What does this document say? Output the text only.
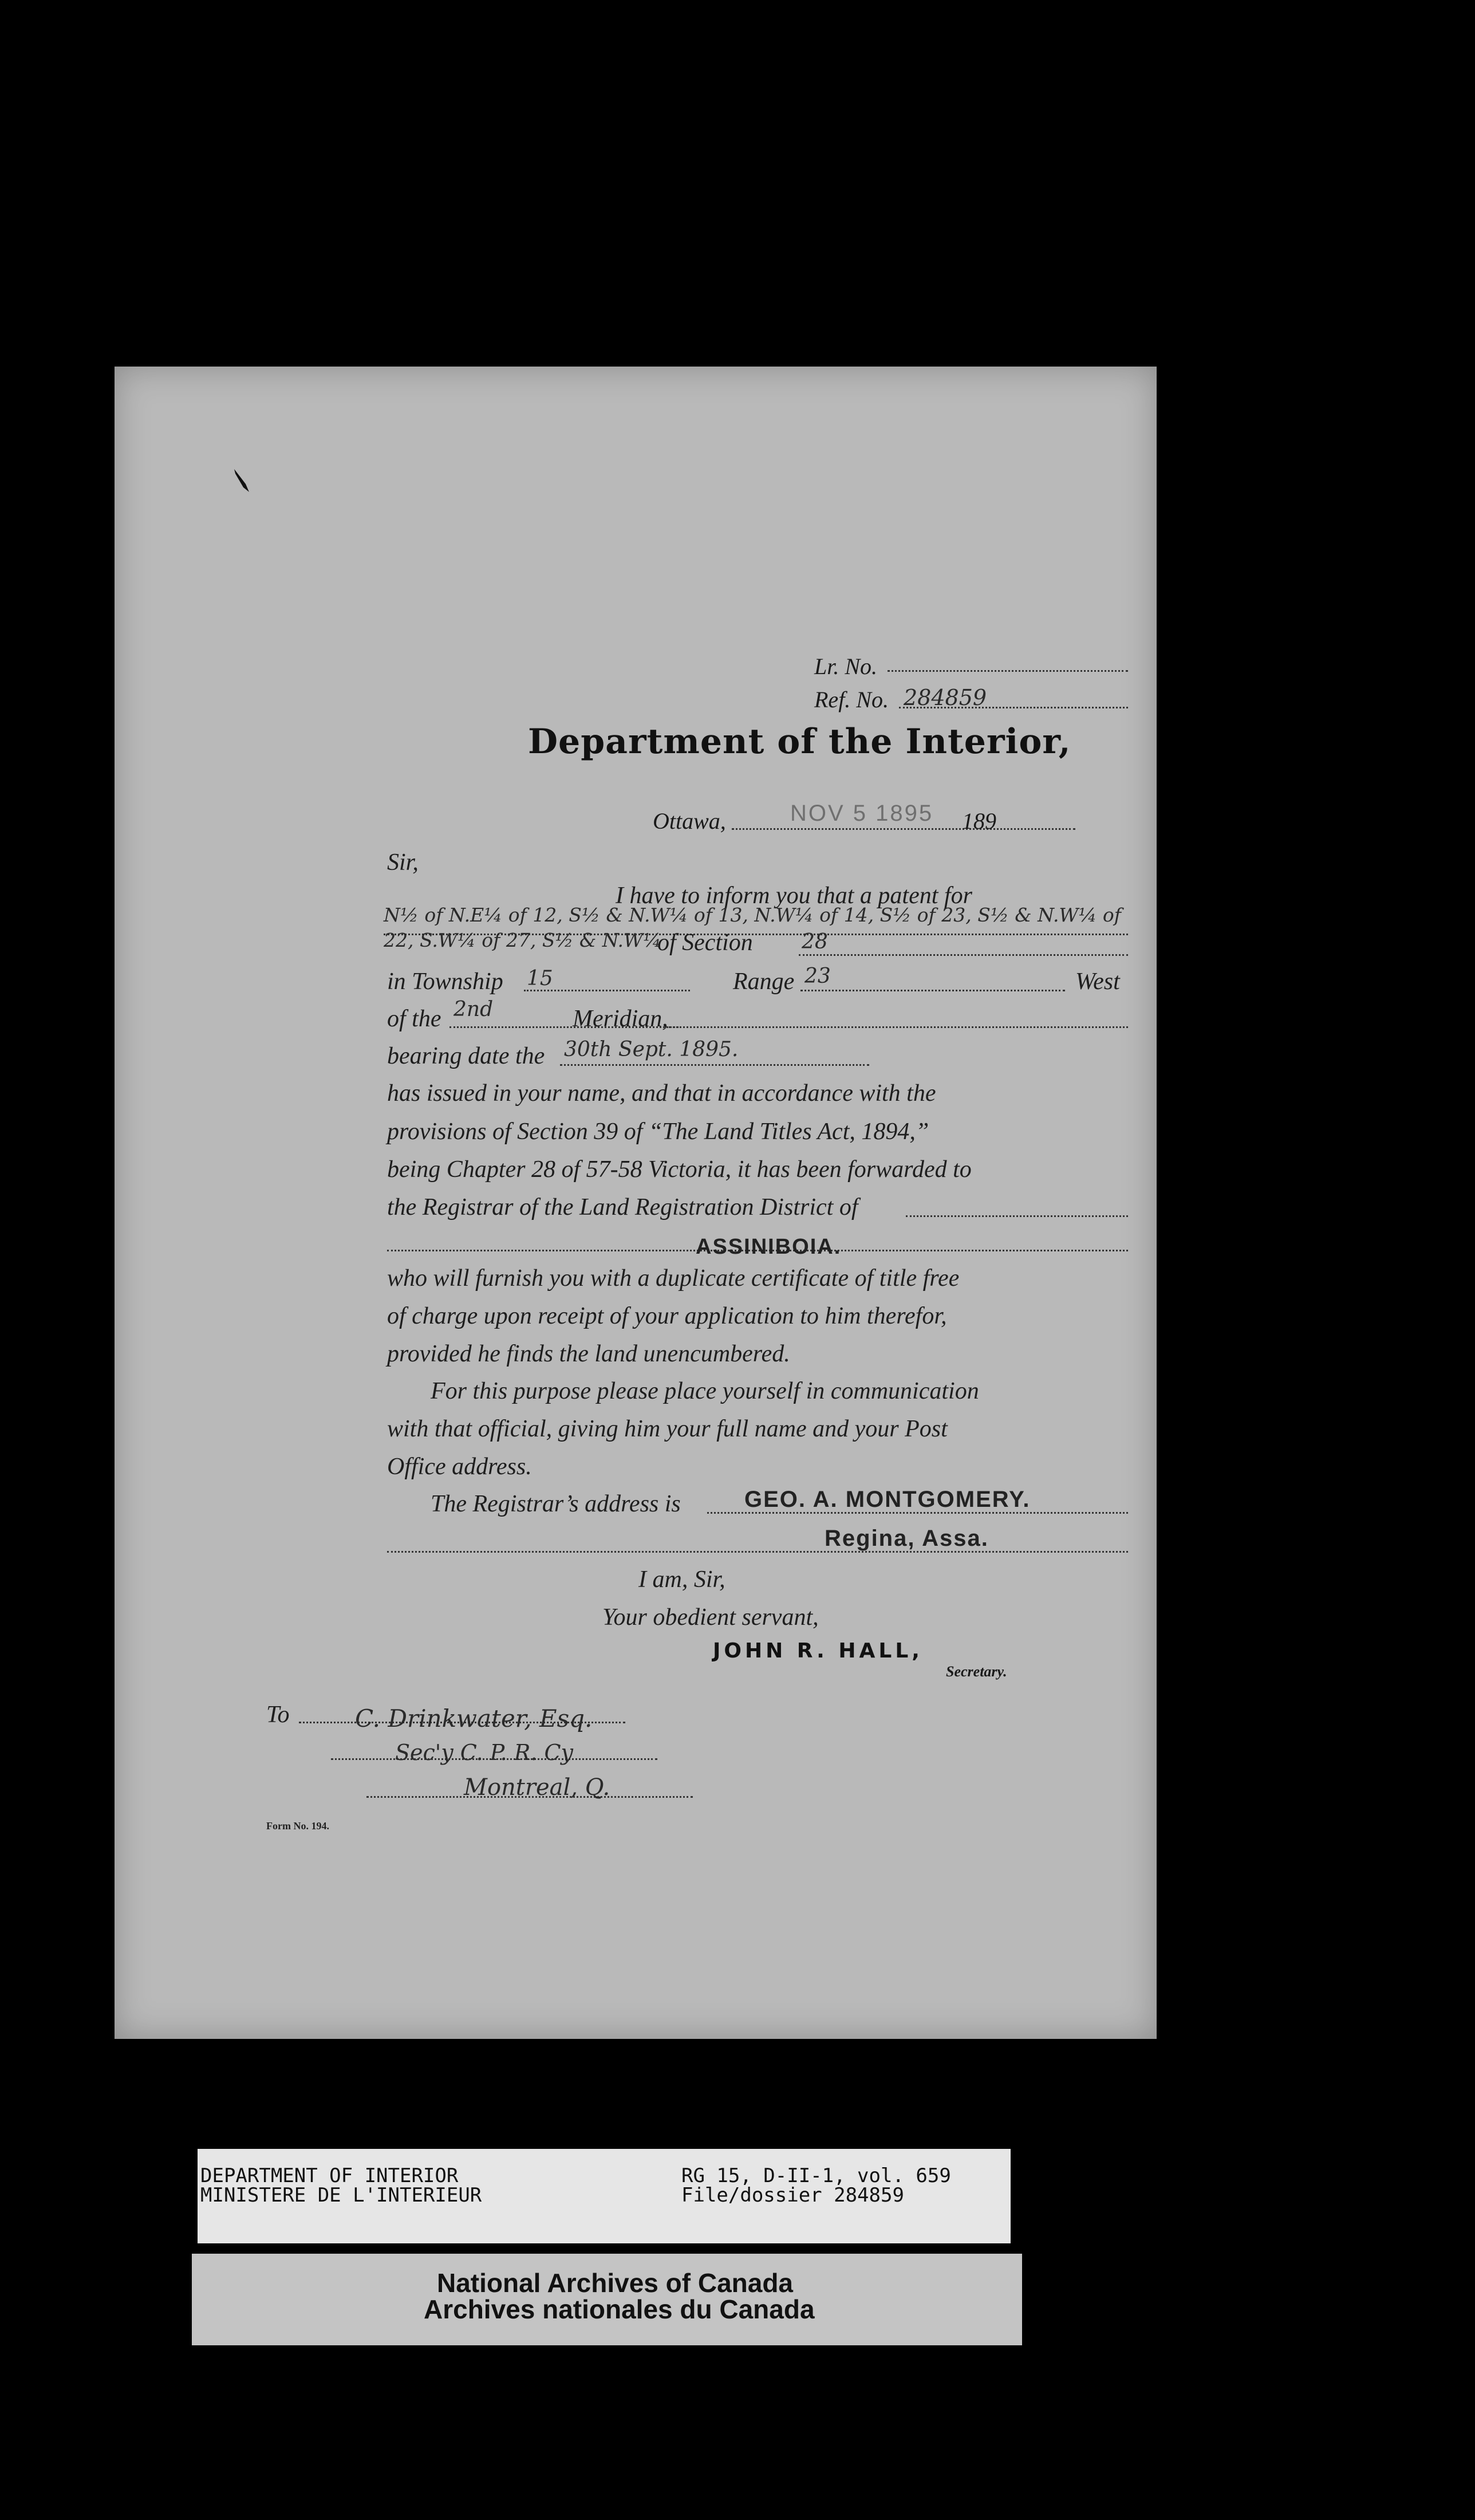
Lr. No.
Ref. No. 284859
Department of the Interior,
Ottawa,	NOV 5 1895 189
Sir,
I have to inform you that a patent for
N½ of N.E¼ of 12, S½ & N.W¼ of 13, N.W¼ of 14, S½ of 23, S½ & N.W¼ of
22, S.W¼ of 27, S½ & N.W¼
of Section 28
in Township 15	Range 23	West
of the 2nd	Meridian,
bearing date the 30th Sept. 1895.
has issued in your name, and that in accordance with the
provisions of Section 39 of “The Land Titles Act, 1894,”
being Chapter 28 of 57-58 Victoria, it has been forwarded to
the Registrar of the Land Registration District of
ASSINIBOIA.
who will furnish you with a duplicate certificate of title free
of charge upon receipt of your application to him therefor,
provided he finds the land unencumbered.
For this purpose please place yourself in communication
with that official, giving him your full name and your Post
Office address.
The Registrar’s address is	GEO. A. MONTGOMERY.
Regina, Assa.
I am, Sir,
Your obedient servant,
JOHN R. HALL,
Secretary.
To	C. Drinkwater, Esq.
Sec'y C. P. R. Cy
Montreal, Q.
Form No. 194.
DEPARTMENT OF INTERIOR
MINISTERE DE L'INTERIEUR
RG 15, D-II-1, vol. 659
File/dossier 284859
National Archives of Canada
Archives nationales du Canada
